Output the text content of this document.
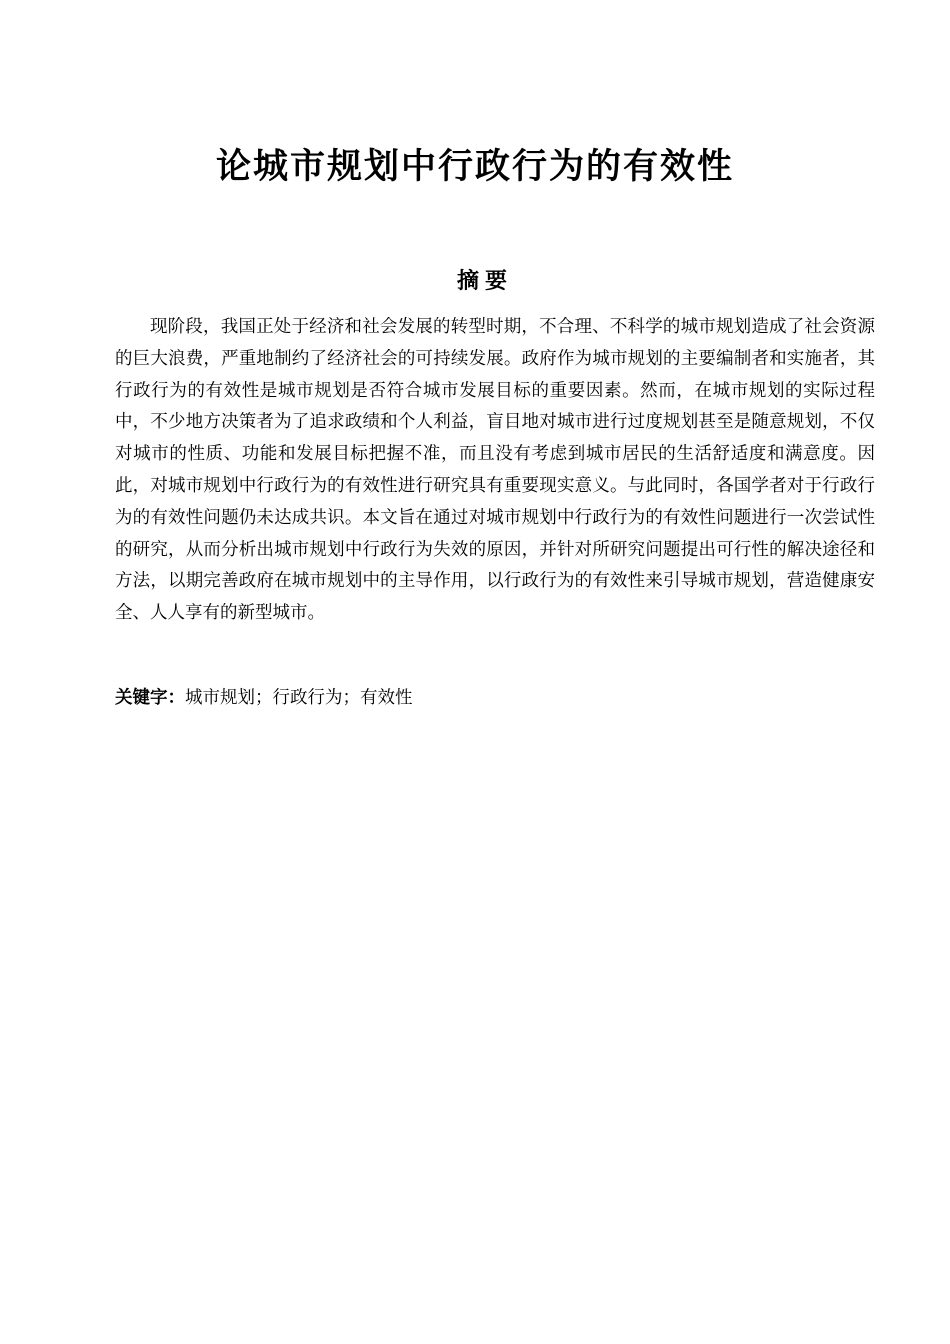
论城市规划中行政行为的有效性
摘要

现阶段，我国正处于经济和社会发展的转型时期，不合理、不科学的城市规划造成了社会资源的巨大浪费，严重地制约了经济社会的可持续发展。政府作为城市规划的主要编制者和实施者，其行政行为的有效性是城市规划是否符合城市发展目标的重要因素。然而，在城市规划的实际过程中，不少地方决策者为了追求政绩和个人利益，盲目地对城市进行过度规划甚至是随意规划，不仅对城市的性质、功能和发展目标把握不准，而且没有考虑到城市居民的生活舒适度和满意度。因此，对城市规划中行政行为的有效性进行研究具有重要现实意义。与此同时，各国学者对于行政行为的有效性问题仍未达成共识。本文旨在通过对城市规划中行政行为的有效性问题进行一次尝试性的研究，从而分析出城市规划中行政行为失效的原因，并针对所研究问题提出可行性的解决途径和方法，以期完善政府在城市规划中的主导作用，以行政行为的有效性来引导城市规划，营造健康安全、人人享有的新型城市。

关键字：城市规划；行政行为；有效性
